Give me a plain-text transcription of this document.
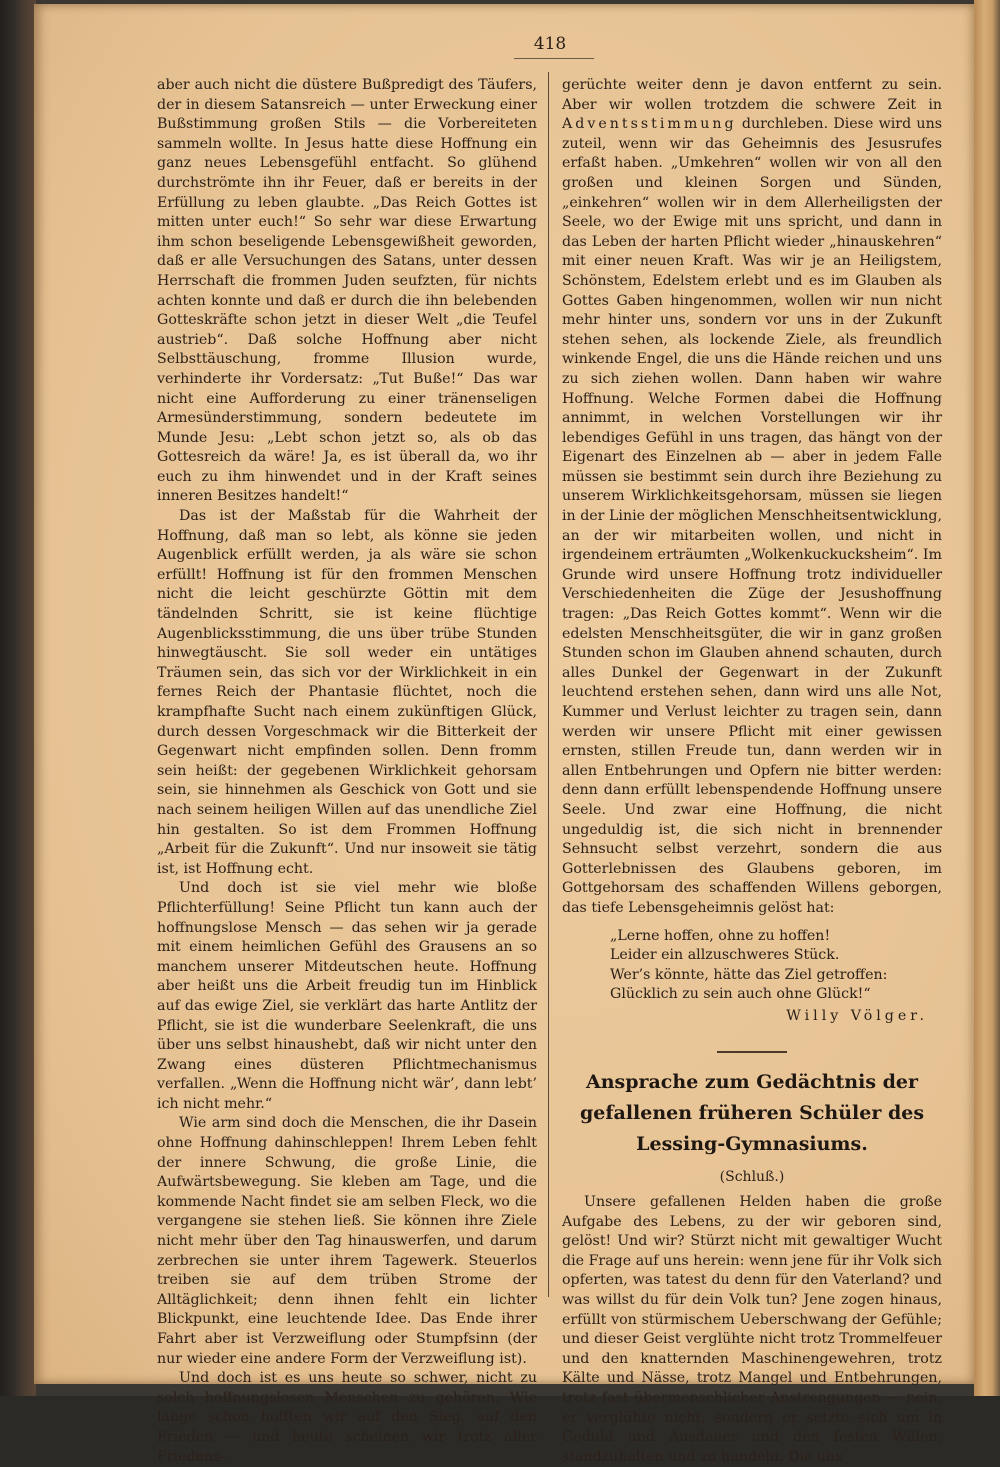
418

aber auch nicht die düstere Bußpredigt des Täufers, der in diesem Satansreich — unter Erweckung einer Bußstimmung großen Stils — die Vorbereiteten sammeln wollte. In Jesus hatte diese Hoffnung ein ganz neues Lebensgefühl entfacht. So glühend durchströmte ihn ihr Feuer, daß er bereits in der Erfüllung zu leben glaubte. „Das Reich Gottes ist mitten unter euch!“ So sehr war diese Erwartung ihm schon beseligende Lebensgewißheit geworden, daß er alle Versuchungen des Satans, unter dessen Herrschaft die frommen Juden seufzten, für nichts achten konnte und daß er durch die ihn belebenden Gotteskräfte schon jetzt in dieser Welt „die Teufel austrieb“. Daß solche Hoffnung aber nicht Selbsttäuschung, fromme Illusion wurde, verhinderte ihr Vordersatz: „Tut Buße!“ Das war nicht eine Aufforderung zu einer tränenseligen Armesünderstimmung, sondern bedeutete im Munde Jesu: „Lebt schon jetzt so, als ob das Gottesreich da wäre! Ja, es ist überall da, wo ihr euch zu ihm hinwendet und in der Kraft seines inneren Besitzes handelt!“

Das ist der Maßstab für die Wahrheit der Hoffnung, daß man so lebt, als könne sie jeden Augenblick erfüllt werden, ja als wäre sie schon erfüllt! Hoffnung ist für den frommen Menschen nicht die leicht geschürzte Göttin mit dem tändelnden Schritt, sie ist keine flüchtige Augenblicksstimmung, die uns über trübe Stunden hinwegtäuscht. Sie soll weder ein untätiges Träumen sein, das sich vor der Wirklichkeit in ein fernes Reich der Phantasie flüchtet, noch die krampfhafte Sucht nach einem zukünftigen Glück, durch dessen Vorgeschmack wir die Bitterkeit der Gegenwart nicht empfinden sollen. Denn fromm sein heißt: der gegebenen Wirklichkeit gehorsam sein, sie hinnehmen als Geschick von Gott und sie nach seinem heiligen Willen auf das unendliche Ziel hin gestalten. So ist dem Frommen Hoffnung „Arbeit für die Zukunft“. Und nur insoweit sie tätig ist, ist Hoffnung echt.

Und doch ist sie viel mehr wie bloße Pflichterfüllung! Seine Pflicht tun kann auch der hoffnungslose Mensch — das sehen wir ja gerade mit einem heimlichen Gefühl des Grausens an so manchem unserer Mitdeutschen heute. Hoffnung aber heißt uns die Arbeit freudig tun im Hinblick auf das ewige Ziel, sie verklärt das harte Antlitz der Pflicht, sie ist die wunderbare Seelenkraft, die uns über uns selbst hinaushebt, daß wir nicht unter den Zwang eines düsteren Pflichtmechanismus verfallen. „Wenn die Hoffnung nicht wär’, dann lebt’ ich nicht mehr.“

Wie arm sind doch die Menschen, die ihr Dasein ohne Hoffnung dahinschleppen! Ihrem Leben fehlt der innere Schwung, die große Linie, die Aufwärtsbewegung. Sie kleben am Tage, und die kommende Nacht findet sie am selben Fleck, wo die vergangene sie stehen ließ. Sie können ihre Ziele nicht mehr über den Tag hinauswerfen, und darum zerbrechen sie unter ihrem Tagewerk. Steuerlos treiben sie auf dem trüben Strome der Alltäglichkeit; denn ihnen fehlt ein lichter Blickpunkt, eine leuchtende Idee. Das Ende ihrer Fahrt aber ist Verzweiflung oder Stumpfsinn (der nur wieder eine andere Form der Verzweiflung ist).

Und doch ist es uns heute so schwer, nicht zu solch hoffnungslosen Menschen zu gehören. Wie lange schon hofften wir auf den Sieg, auf den Frieden — und heute scheinen wir trotz aller Friedens-

gerüchte weiter denn je davon entfernt zu sein. Aber wir wollen trotzdem die schwere Zeit in Adventsstimmung durchleben. Diese wird uns zuteil, wenn wir das Geheimnis des Jesusrufes erfaßt haben. „Umkehren“ wollen wir von all den großen und kleinen Sorgen und Sünden, „einkehren“ wollen wir in dem Allerheiligsten der Seele, wo der Ewige mit uns spricht, und dann in das Leben der harten Pflicht wieder „hinauskehren“ mit einer neuen Kraft. Was wir je an Heiligstem, Schönstem, Edelstem erlebt und es im Glauben als Gottes Gaben hingenommen, wollen wir nun nicht mehr hinter uns, sondern vor uns in der Zukunft stehen sehen, als lockende Ziele, als freundlich winkende Engel, die uns die Hände reichen und uns zu sich ziehen wollen. Dann haben wir wahre Hoffnung. Welche Formen dabei die Hoffnung annimmt, in welchen Vorstellungen wir ihr lebendiges Gefühl in uns tragen, das hängt von der Eigenart des Einzelnen ab — aber in jedem Falle müssen sie bestimmt sein durch ihre Beziehung zu unserem Wirklichkeitsgehorsam, müssen sie liegen in der Linie der möglichen Menschheitsentwicklung, an der wir mitarbeiten wollen, und nicht in irgendeinem erträumten „Wolkenkuckucksheim“. Im Grunde wird unsere Hoffnung trotz individueller Verschiedenheiten die Züge der Jesushoffnung tragen: „Das Reich Gottes kommt“. Wenn wir die edelsten Menschheitsgüter, die wir in ganz großen Stunden schon im Glauben ahnend schauten, durch alles Dunkel der Gegenwart in der Zukunft leuchtend erstehen sehen, dann wird uns alle Not, Kummer und Verlust leichter zu tragen sein, dann werden wir unsere Pflicht mit einer gewissen ernsten, stillen Freude tun, dann werden wir in allen Entbehrungen und Opfern nie bitter werden: denn dann erfüllt lebenspendende Hoffnung unsere Seele. Und zwar eine Hoffnung, die nicht ungeduldig ist, die sich nicht in brennender Sehnsucht selbst verzehrt, sondern die aus Gotterlebnissen des Glaubens geboren, im Gottgehorsam des schaffenden Willens geborgen, das tiefe Lebensgeheimnis gelöst hat:

„Lerne hoffen, ohne zu hoffen!
Leider ein allzuschweres Stück.
Wer’s könnte, hätte das Ziel getroffen:
Glücklich zu sein auch ohne Glück!“
Willy Völger.
Ansprache zum Gedächtnis der gefallenen früheren Schüler des Lessing-Gymnasiums.
(Schluß.)

Unsere gefallenen Helden haben die große Aufgabe des Lebens, zu der wir geboren sind, gelöst! Und wir? Stürzt nicht mit gewaltiger Wucht die Frage auf uns herein: wenn jene für ihr Volk sich opferten, was tatest du denn für den Vaterland? und was willst du für dein Volk tun? Jene zogen hinaus, erfüllt von stürmischem Ueberschwang der Gefühle; und dieser Geist verglühte nicht trotz Trommelfeuer und den knatternden Maschinengewehren, trotz Kälte und Nässe, trotz Mangel und Entbehrungen, trotz fast übermenschlicher Anstrengungen — nein, er verglühte nicht, sondern er setzte sich um in Geduld und Ausdauer und den festen Willen, standzuhalten und zu handeln. Die uns
